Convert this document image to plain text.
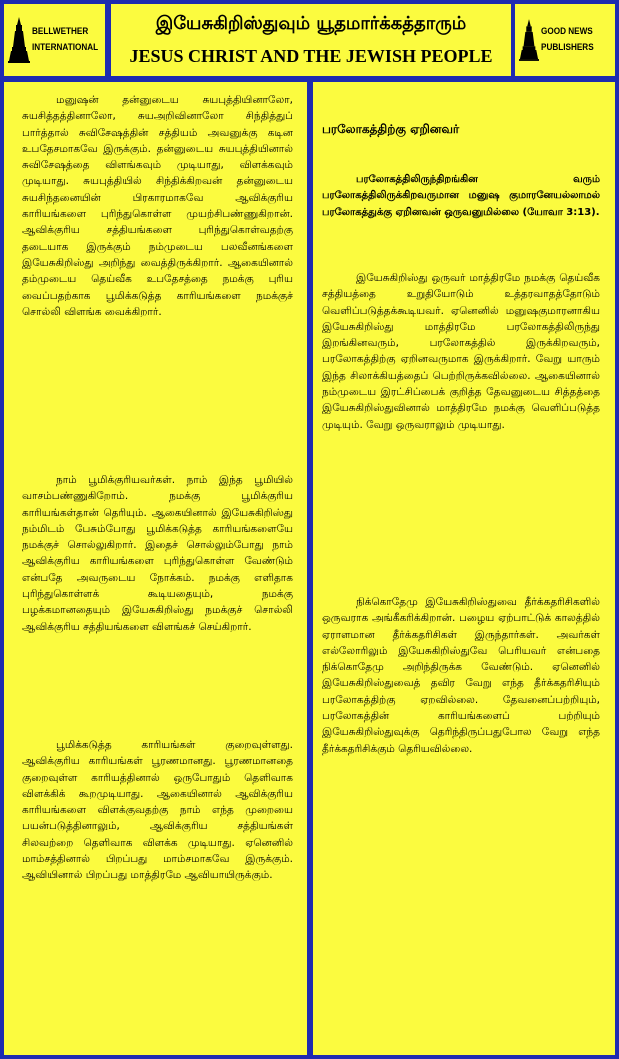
BELLWETHER
INTERNATIONAL
இயேசுகிறிஸ்துவும் யூதமார்க்கத்தாரும்
JESUS CHRIST AND THE JEWISH PEOPLE
GOOD NEWS
PUBLISHERS

மனுஷன் தன்னுடைய சுயபுத்தியினாலோ, சுயசித்தத்தினாலோ, சுயஅறிவினாலோ சிந்தித்துப் பார்த்தால் சுவிசேஷத்தின் சத்தியம் அவனுக்கு கடின உபதேசமாகவே இருக்கும். தன்னுடைய சுயபுத்தியினால் சுவிசேஷத்தை விளங்கவும் முடியாது, விளக்கவும் முடியாது. சுயபுத்தியில் சிந்திக்கிறவன் தன்னுடைய சுயசிந்தனையின் பிரகாரமாகவே ஆவிக்குரிய காரியங்களை புரிந்துகொள்ள முயற்சிபண்ணுகிறான். ஆவிக்குரிய சத்தியங்களை புரிந்துகொள்வதற்கு தடையாக இருக்கும் நம்முடைய பலவீனங்களை இயேசுகிறிஸ்து அறிந்து வைத்திருக்கிறார். ஆகையினால் தம்முடைய தெய்வீக உபதேசத்தை நமக்கு புரிய வைப்பதற்காக பூமிக்கடுத்த காரியங்களை நமக்குச் சொல்லி விளங்க வைக்கிறார்.

நாம் பூமிக்குரியவர்கள். நாம் இந்த பூமியில் வாசம்பண்ணுகிறோம். நமக்கு பூமிக்குரிய காரியங்கள்தான் தெரியும். ஆகையினால் இயேசுகிறிஸ்து நம்மிடம் பேசும்போது பூமிக்கடுத்த காரியங்களையே நமக்குச் சொல்லுகிறார். இதைச் சொல்லும்போது நாம் ஆவிக்குரிய காரியங்களை புரிந்துகொள்ள வேண்டும் என்பதே அவருடைய நோக்கம். நமக்கு எளிதாக புரிந்துகொள்ளக் கூடியதையும், நமக்கு பழக்கமானதையும் இயேசுகிறிஸ்து நமக்குச் சொல்லி ஆவிக்குரிய சத்தியங்களை விளங்கச் செய்கிறார்.

பூமிக்கடுத்த காரியங்கள் குறைவுள்ளது. ஆவிக்குரிய காரியங்கள் பூரணமானது. பூரணமானதை குறைவுள்ள காரியத்தினால் ஒருபோதும் தெளிவாக விளக்கிக் கூறமுடியாது. ஆகையினால் ஆவிக்குரிய காரியங்களை விளக்குவதற்கு நாம் எந்த முறையை பயன்படுத்தினாலும், ஆவிக்குரிய சத்தியங்கள் சிலவற்றை தெளிவாக விளக்க முடியாது. ஏனெனில் மாம்சத்தினால் பிறப்பது மாம்சமாகவே இருக்கும். ஆவியினால் பிறப்பது மாத்திரமே ஆவியாயிருக்கும்.

பரலோகத்திற்கு ஏறினவர்

பரலோகத்திலிருந்திறங்கின வரும் பரலோகத்திலிருக்கிறவருமான மனுஷ குமாரனேயல்லாமல் பரலோகத்துக்கு ஏறினவன் ஒருவனுமில்லை (யோவா 3:13).

இயேசுகிறிஸ்து ஒருவர் மாத்திரமே நமக்கு தெய்வீக சத்தியத்தை உறுதியோடும் உத்தரவாதத்தோடும் வெளிப்படுத்தக்கூடியவர். ஏனெனில் மனுஷகுமாரனாகிய இயேசுகிறிஸ்து மாத்திரமே பரலோகத்திலிருந்து இறங்கினவரும், பரலோகத்தில் இருக்கிறவரும், பரலோகத்திற்கு ஏறினவருமாக இருக்கிறார். வேறு யாரும் இந்த சிலாக்கியத்தைப் பெற்றிருக்கவில்லை. ஆகையினால் நம்முடைய இரட்சிப்பைக் குறித்த தேவனுடைய சித்தத்தை இயேசுகிறிஸ்துவினால் மாத்திரமே நமக்கு வெளிப்படுத்த முடியும். வேறு ஒருவராலும் முடியாது.

நிக்கொதேமு இயேசுகிறிஸ்துவை தீர்க்கதரிசிகளில் ஒருவராக அங்கீகரிக்கிறான். பழைய ஏற்பாட்டுக் காலத்தில் ஏராளமான தீர்க்கதரிசிகள் இருந்தார்கள். அவர்கள் எல்லோரிலும் இயேசுகிறிஸ்துவே பெரியவர் என்பதை நிக்கொதேமு அறிந்திருக்க வேண்டும். ஏனெனில் இயேசுகிறிஸ்துவைத் தவிர வேறு எந்த தீர்க்கதரிசியும் பரலோகத்திற்கு ஏறவில்லை. தேவனைப்பற்றியும், பரலோகத்தின் காரியங்களைப் பற்றியும் இயேசுகிறிஸ்துவுக்கு தெரிந்திருப்பதுபோல வேறு எந்த தீர்க்கதரிசிக்கும் தெரியவில்லை.
